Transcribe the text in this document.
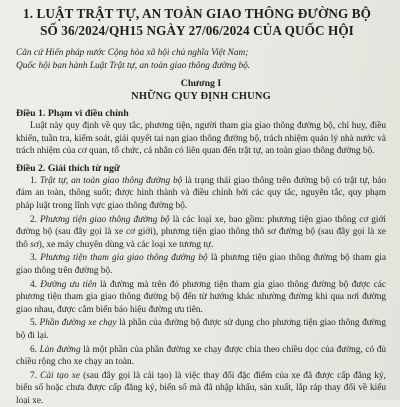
1. LUẬT TRẬT TỰ, AN TOÀN GIAO THÔNG ĐƯỜNG BỘ
SỐ 36/2024/QH15 NGÀY 27/06/2024 CỦA QUỐC HỘI

Căn cứ Hiến pháp nước Cộng hòa xã hội chủ nghĩa Việt Nam;

Quốc hội ban hành Luật Trật tự, an toàn giao thông đường bộ.

Chương I
NHỮNG QUY ĐỊNH CHUNG
Điều 1. Phạm vi điều chỉnh

Luật này quy định về quy tắc, phương tiện, người tham gia giao thông đường bộ, chỉ huy, điều khiển, tuần tra, kiểm soát, giải quyết tai nạn giao thông đường bộ, trách nhiệm quản lý nhà nước và trách nhiệm của cơ quan, tổ chức, cá nhân có liên quan đến trật tự, an toàn giao thông đường bộ.

Điều 2. Giải thích từ ngữ

1. Trật tự, an toàn giao thông đường bộ là trạng thái giao thông trên đường bộ có trật tự, bảo đảm an toàn, thông suốt; được hình thành và điều chỉnh bởi các quy tắc, nguyên tắc, quy phạm pháp luật trong lĩnh vực giao thông đường bộ.

2. Phương tiện giao thông đường bộ là các loại xe, bao gồm: phương tiện giao thông cơ giới đường bộ (sau đây gọi là xe cơ giới), phương tiện giao thông thô sơ đường bộ (sau đây gọi là xe thô sơ), xe máy chuyên dùng và các loại xe tương tự.

3. Phương tiện tham gia giao thông đường bộ là phương tiện giao thông đường bộ tham gia giao thông trên đường bộ.

4. Đường ưu tiên là đường mà trên đó phương tiện tham gia giao thông đường bộ được các phương tiện tham gia giao thông đường bộ đến từ hướng khác nhường đường khi qua nơi đường giao nhau, được cắm biển báo hiệu đường ưu tiên.

5. Phần đường xe chạy là phần của đường bộ được sử dụng cho phương tiện giao thông đường bộ đi lại.

6. Làn đường là một phần của phần đường xe chạy được chia theo chiều dọc của đường, có đủ chiều rộng cho xe chạy an toàn.

7. Cải tạo xe (sau đây gọi là cải tạo) là việc thay đổi đặc điểm của xe đã được cấp đăng ký, biển số hoặc chưa được cấp đăng ký, biển số mà đã nhập khẩu, sản xuất, lắp ráp thay đổi về kiểu loại xe.
